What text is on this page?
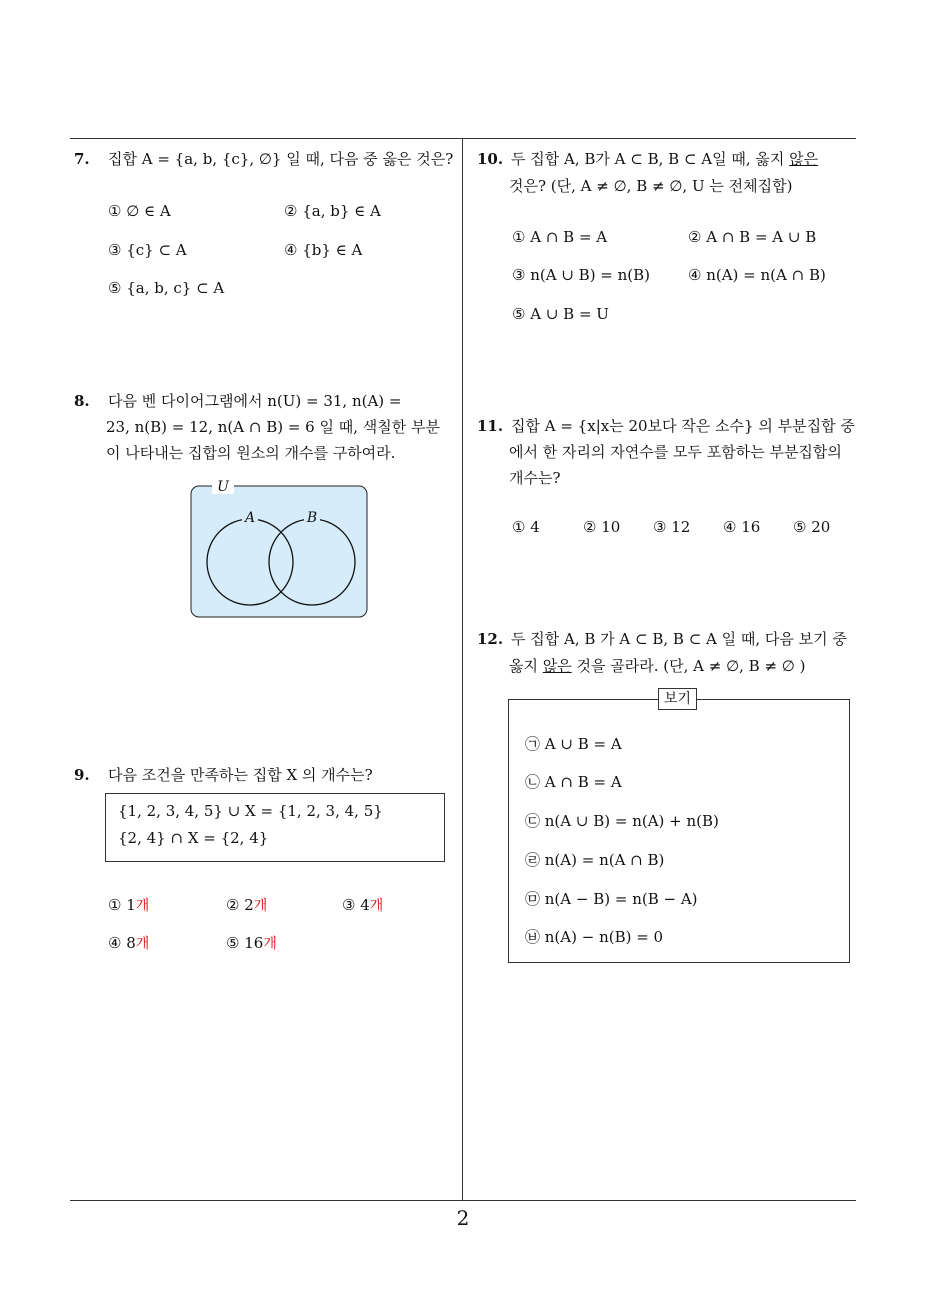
7. 집합 A = {a, b, {c}, ∅} 일 때, 다음 중 옳은 것은?
① ∅ ∈ A	② {a, b} ∈ A
③ {c} ⊂ A	④ {b} ∈ A
⑤ {a, b, c} ⊂ A
8. 다음 벤 다이어그램에서 n(U) = 31, n(A) =
23, n(B) = 12, n(A ∩ B) = 6 일 때, 색칠한 부분
이 나타내는 집합의 원소의 개수를 구하여라.
U
A	B
9. 다음 조건을 만족하는 집합 X 의 개수는?
{1, 2, 3, 4, 5} ∪ X = {1, 2, 3, 4, 5}
{2, 4} ∩ X = {2, 4}
① 1개	② 2개	③ 4개
④ 8개	⑤ 16개
10. 두 집합 A, B가 A ⊂ B, B ⊂ A일 때, 옳지 않은
것은? (단, A ≠ ∅, B ≠ ∅, U 는 전체집합)
① A ∩ B = A	② A ∩ B = A ∪ B
③ n(A ∪ B) = n(B)	④ n(A) = n(A ∩ B)
⑤ A ∪ B = U
11. 집합 A = {x|x는 20보다 작은 소수} 의 부분집합 중
에서 한 자리의 자연수를 모두 포함하는 부분집합의
개수는?
① 4	② 10 ③ 12 ④ 16 ⑤ 20
12. 두 집합 A, B 가 A ⊂ B, B ⊂ A 일 때, 다음 보기 중
옳지 않은 것을 골라라. (단, A ≠ ∅, B ≠ ∅ )
㉠ A ∪ B = A
㉡ A ∩ B = A
㉢ n(A ∪ B) = n(A) + n(B)
㉣ n(A) = n(A ∩ B)
㉤ n(A − B) = n(B − A)
㉥ n(A) − n(B) = 0
보기
2
